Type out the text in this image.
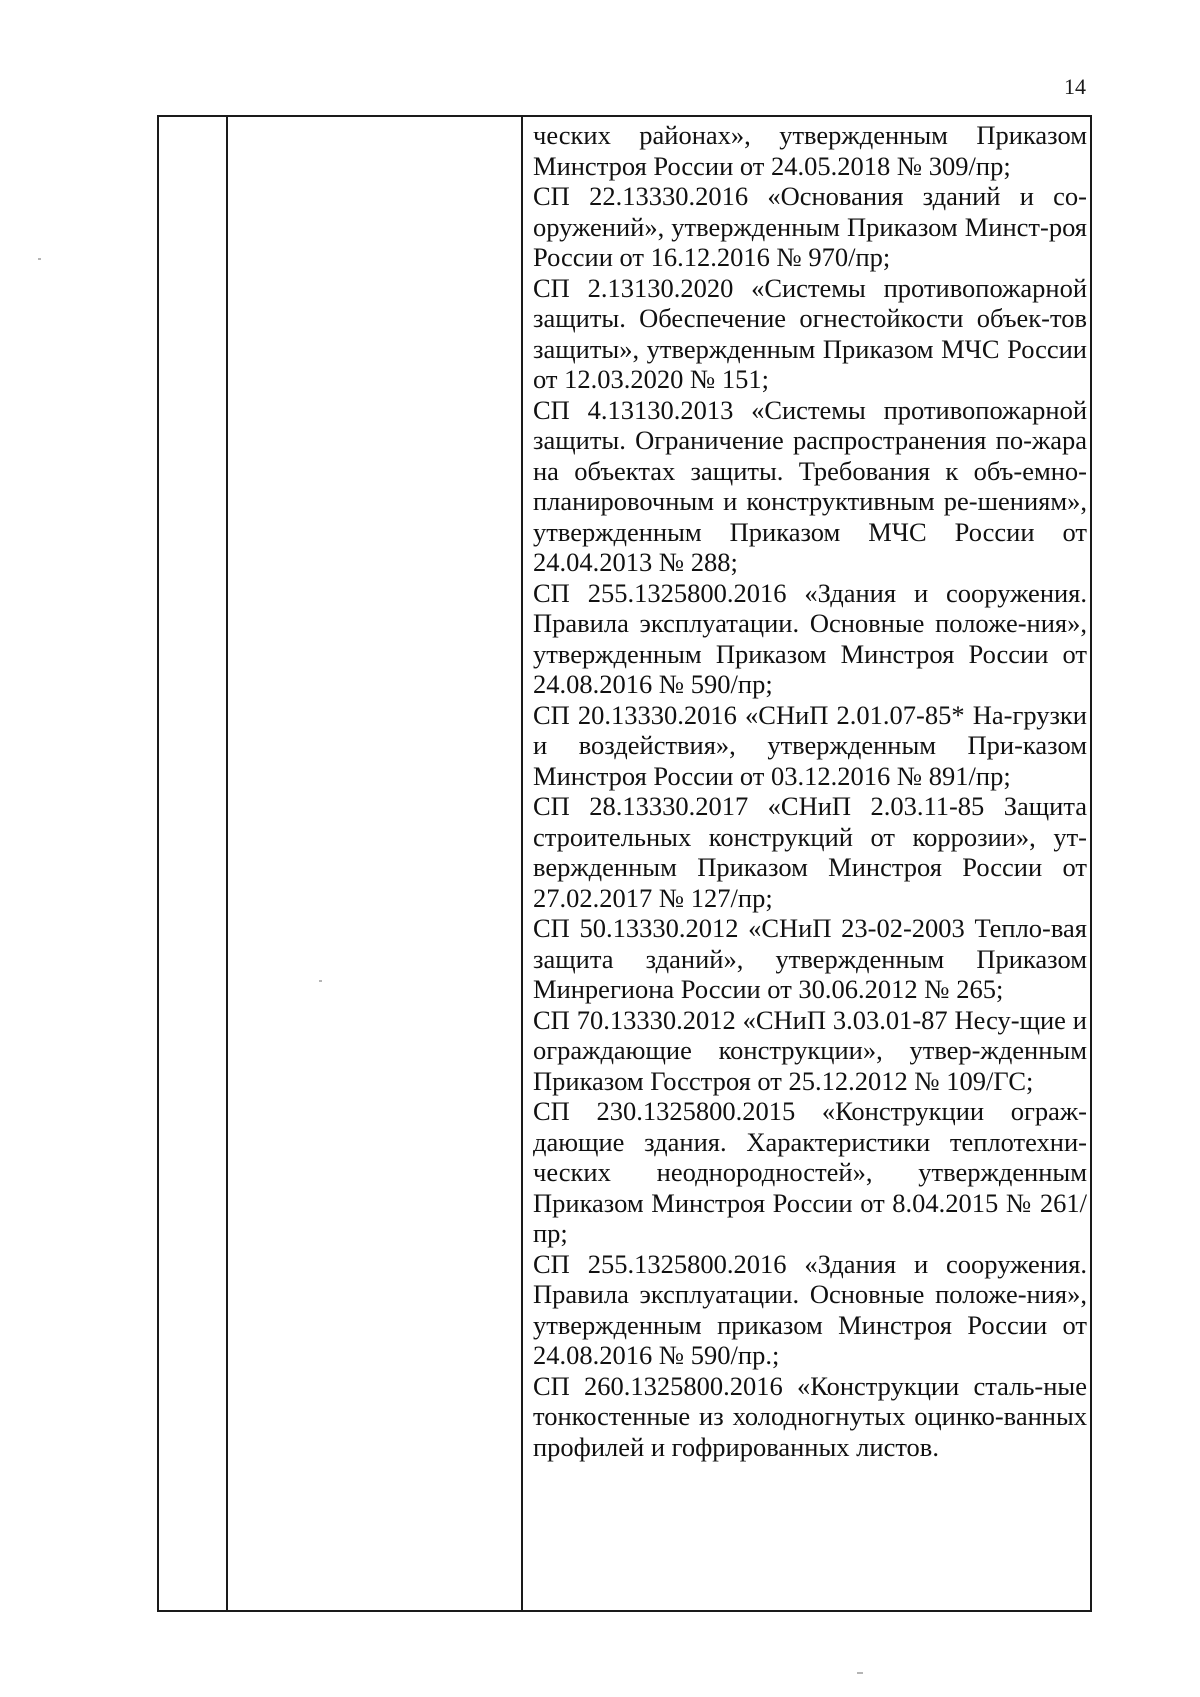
14

ческих районах», утвержденным Приказом Минстроя России от 24.05.2018 № 309/пр;

СП 22.13330.2016 «Основания зданий и со-оружений», утвержденным Приказом Минст-роя России от 16.12.2016 № 970/пр;

СП 2.13130.2020 «Системы противопожарной защиты. Обеспечение огнестойкости объек-тов защиты», утвержденным Приказом МЧС России от 12.03.2020 № 151;

СП 4.13130.2013 «Системы противопожарной защиты. Ограничение распространения по-жара на объектах защиты. Требования к объ-емно-планировочным и конструктивным ре-шениям», утвержденным Приказом МЧС России от 24.04.2013 № 288;

СП 255.1325800.2016 «Здания и сооружения. Правила эксплуатации. Основные положе-ния», утвержденным Приказом Минстроя России от 24.08.2016 № 590/пр;

СП 20.13330.2016 «СНиП 2.01.07-85* На-грузки и воздействия», утвержденным При-казом Минстроя России от 03.12.2016 № 891/пр;

СП 28.13330.2017 «СНиП 2.03.11-85 Защита строительных конструкций от коррозии», ут-вержденным Приказом Минстроя России от 27.02.2017 № 127/пр;

СП 50.13330.2012 «СНиП 23-02-2003 Тепло-вая защита зданий», утвержденным Приказом Минрегиона России от 30.06.2012 № 265;

СП 70.13330.2012 «СНиП 3.03.01-87 Несу-щие и ограждающие конструкции», утвер-жденным Приказом Госстроя от 25.12.2012 № 109/ГС;

СП 230.1325800.2015 «Конструкции ограж-дающие здания. Характеристики теплотехни-ческих неоднородностей», утвержденным Приказом Минстроя России от 8.04.2015 № 261/пр;

СП 255.1325800.2016 «Здания и сооружения. Правила эксплуатации. Основные положе-ния», утвержденным приказом Минстроя России от 24.08.2016 № 590/пр.;

СП 260.1325800.2016 «Конструкции сталь-ные тонкостенные из холодногнутых оцинко-ванных профилей и гофрированных листов.
